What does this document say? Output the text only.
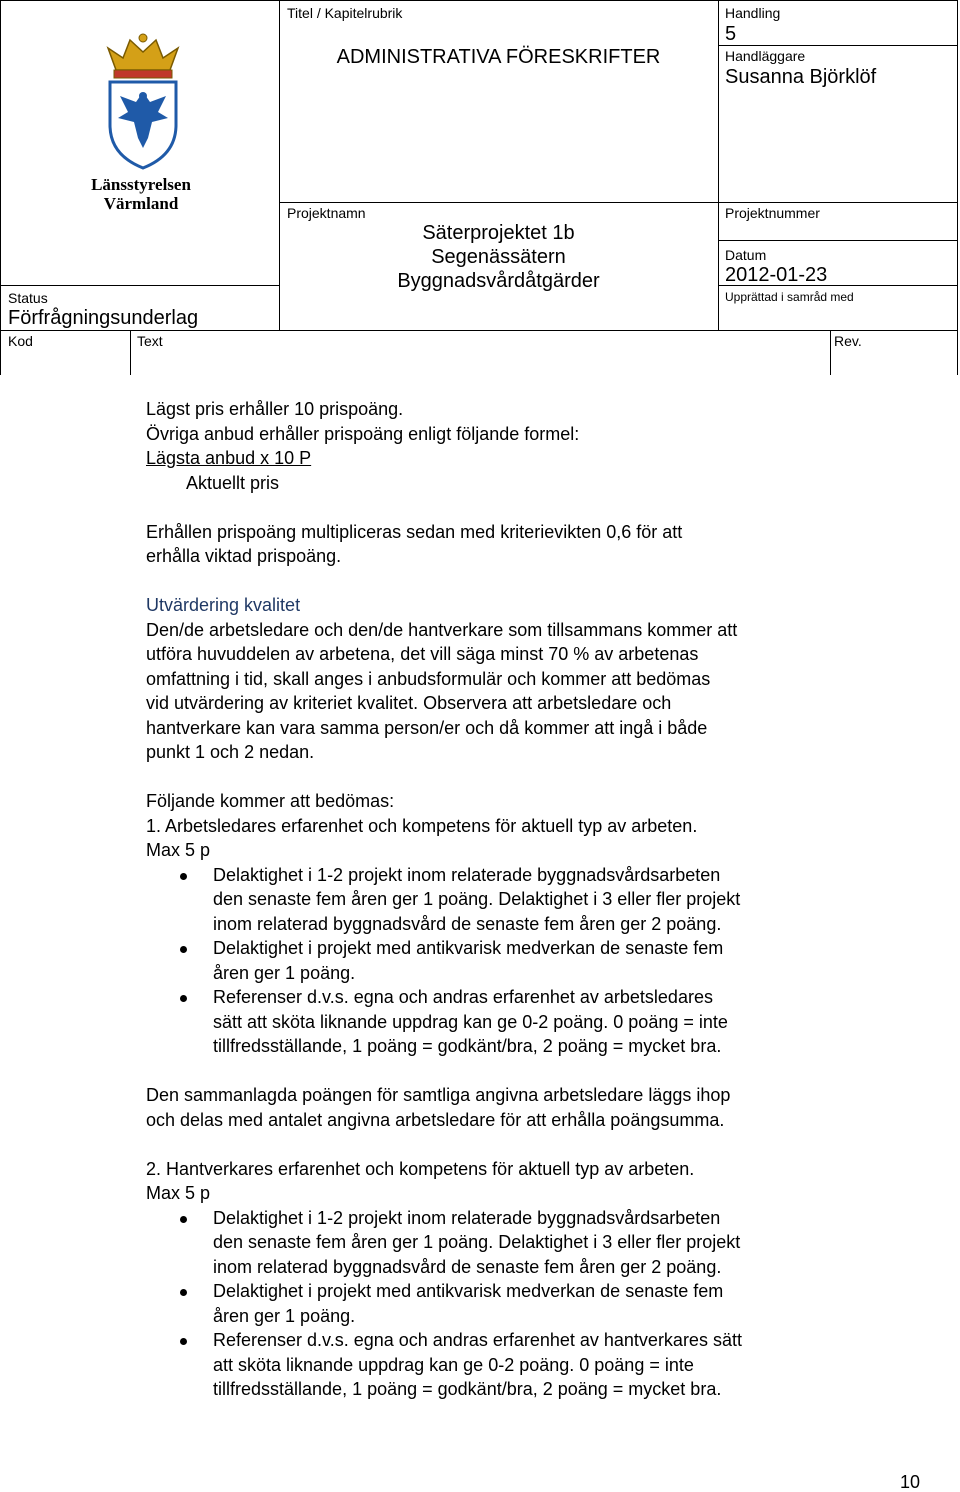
Länsstyrelsen
Värmland
Titel / Kapitelrubrik
ADMINISTRATIVA FÖRESKRIFTER
Handling
5
Handläggare
Susanna Björklöf
Projektnamn
Säterprojektet 1b
Segenässätern
Byggnadsvårdåtgärder
Projektnummer
Datum
2012-01-23
Upprättad i samråd med
Status
Förfrågningsunderlag
Kod	Text	Rev.
Lägst pris erhåller 10 prispoäng.
Övriga anbud erhåller prispoäng enligt följande formel:
Lägsta anbud x 10 P
Aktuellt pris
Erhållen prispoäng multipliceras sedan med kriterievikten 0,6 för att
erhålla viktad prispoäng.
Utvärdering kvalitet
Den/de arbetsledare och den/de hantverkare som tillsammans kommer att
utföra huvuddelen av arbetena, det vill säga minst 70 % av arbetenas
omfattning i tid, skall anges i anbudsformulär och kommer att bedömas
vid utvärdering av kriteriet kvalitet. Observera att arbetsledare och
hantverkare kan vara samma person/er och då kommer att ingå i både
punkt 1 och 2 nedan.
Följande kommer att bedömas:
1. Arbetsledares erfarenhet och kompetens för aktuell typ av arbeten.
Max 5 p
Delaktighet i 1-2 projekt inom relaterade byggnadsvårdsarbeten
den senaste fem åren ger 1 poäng. Delaktighet i 3 eller fler projekt
inom relaterad byggnadsvård de senaste fem åren ger 2 poäng.
Delaktighet i projekt med antikvarisk medverkan de senaste fem
åren ger 1 poäng.
Referenser d.v.s. egna och andras erfarenhet av arbetsledares
sätt att sköta liknande uppdrag kan ge 0-2 poäng. 0 poäng = inte
tillfredsställande, 1 poäng = godkänt/bra, 2 poäng = mycket bra.
Den sammanlagda poängen för samtliga angivna arbetsledare läggs ihop
och delas med antalet angivna arbetsledare för att erhålla poängsumma.
2. Hantverkares erfarenhet och kompetens för aktuell typ av arbeten.
Max 5 p
Delaktighet i 1-2 projekt inom relaterade byggnadsvårdsarbeten
den senaste fem åren ger 1 poäng. Delaktighet i 3 eller fler projekt
inom relaterad byggnadsvård de senaste fem åren ger 2 poäng.
Delaktighet i projekt med antikvarisk medverkan de senaste fem
åren ger 1 poäng.
Referenser d.v.s. egna och andras erfarenhet av hantverkares sätt
att sköta liknande uppdrag kan ge 0-2 poäng. 0 poäng = inte
tillfredsställande, 1 poäng = godkänt/bra, 2 poäng = mycket bra.
10
